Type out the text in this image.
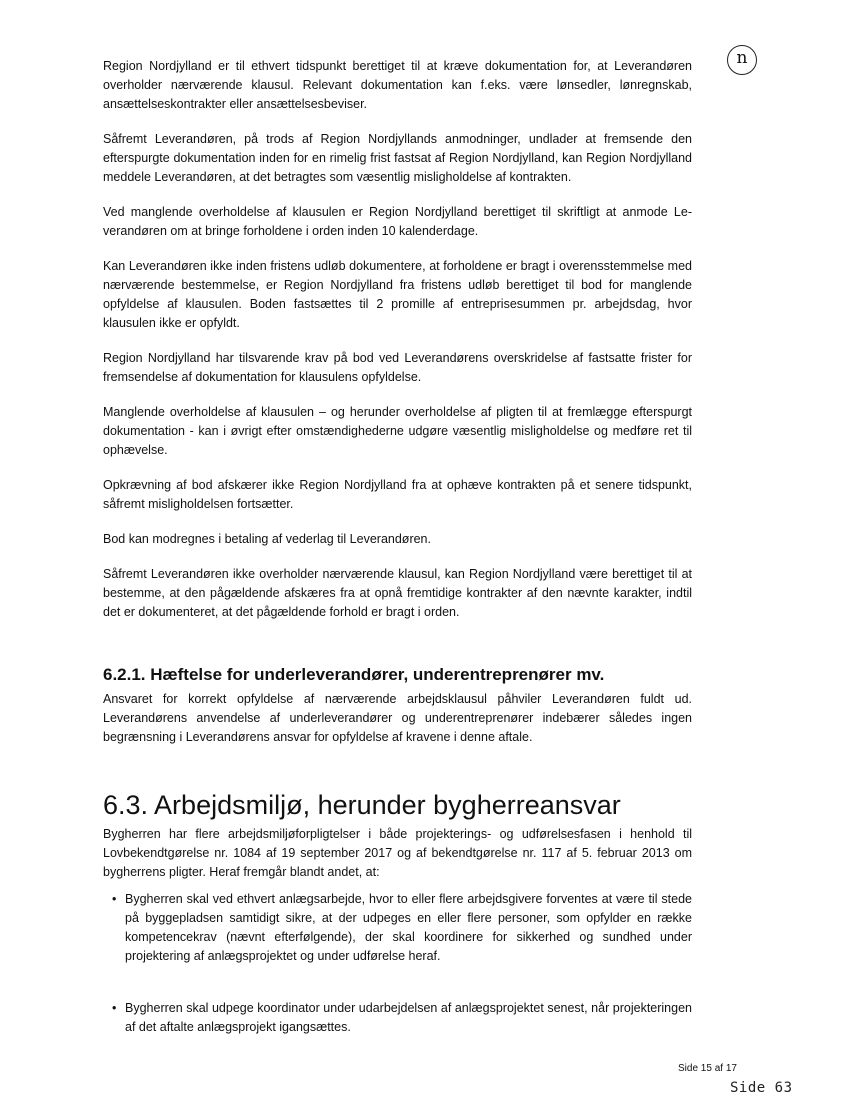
n

Region Nordjylland er til ethvert tidspunkt berettiget til at kræve dokumentation for, at Leverandøren overholder nærværende klausul. Relevant dokumentation kan f.eks. være lønsedler, lønregnskab, ansættelseskontrakter eller ansættelsesbeviser.

Såfremt Leverandøren, på trods af Region Nordjyllands anmodninger, undlader at fremsende den efterspurgte dokumentation inden for en rimelig frist fastsat af Region Nordjylland, kan Region Nordjylland meddele Leverandøren, at det betragtes som væsentlig misligholdelse af kontrakten.

Ved manglende overholdelse af klausulen er Region Nordjylland berettiget til skriftligt at anmode Leverandøren om at bringe forholdene i orden inden 10 kalenderdage.

Kan Leverandøren ikke inden fristens udløb dokumentere, at forholdene er bragt i overensstemmelse med nærværende bestemmelse, er Region Nordjylland fra fristens udløb berettiget til bod for manglende opfyldelse af klausulen. Boden fastsættes til 2 promille af entreprisesummen pr. arbejdsdag, hvor klausulen ikke er opfyldt.

Region Nordjylland har tilsvarende krav på bod ved Leverandørens overskridelse af fastsatte frister for fremsendelse af dokumentation for klausulens opfyldelse.

Manglende overholdelse af klausulen – og herunder overholdelse af pligten til at fremlægge efterspurgt dokumentation - kan i øvrigt efter omstændighederne udgøre væsentlig misligholdelse og medføre ret til ophævelse.

Opkrævning af bod afskærer ikke Region Nordjylland fra at ophæve kontrakten på et senere tidspunkt, såfremt misligholdelsen fortsætter.

Bod kan modregnes i betaling af vederlag til Leverandøren.

Såfremt Leverandøren ikke overholder nærværende klausul, kan Region Nordjylland være berettiget til at bestemme, at den pågældende afskæres fra at opnå fremtidige kontrakter af den nævnte karakter, indtil det er dokumenteret, at det pågældende forhold er bragt i orden.

6.2.1. Hæftelse for underleverandører, underentreprenører mv.

Ansvaret for korrekt opfyldelse af nærværende arbejdsklausul påhviler Leverandøren fuldt ud. Leverandørens anvendelse af underleverandører og underentreprenører indebærer således ingen begrænsning i Leverandørens ansvar for opfyldelse af kravene i denne aftale.

6.3. Arbejdsmiljø, herunder bygherreansvar

Bygherren har flere arbejdsmiljøforpligtelser i både projekterings- og udførelsesfasen i henhold til Lovbekendtgørelse nr. 1084 af 19 september 2017 og af bekendtgørelse nr. 117 af 5. februar 2013 om bygherrens pligter. Heraf fremgår blandt andet, at:

• Bygherren skal ved ethvert anlægsarbejde, hvor to eller flere arbejdsgivere forventes at være til stede på byggepladsen samtidigt sikre, at der udpeges en eller flere personer, som opfylder en række kompetencekrav (nævnt efterfølgende), der skal koordinere for sikkerhed og sundhed under projektering af anlægsprojektet og under udførelse heraf.
• Bygherren skal udpege koordinator under udarbejdelsen af anlægsprojektet senest, når projekteringen af det aftalte anlægsprojekt igangsættes.
Side 15 af 17
Side 63
